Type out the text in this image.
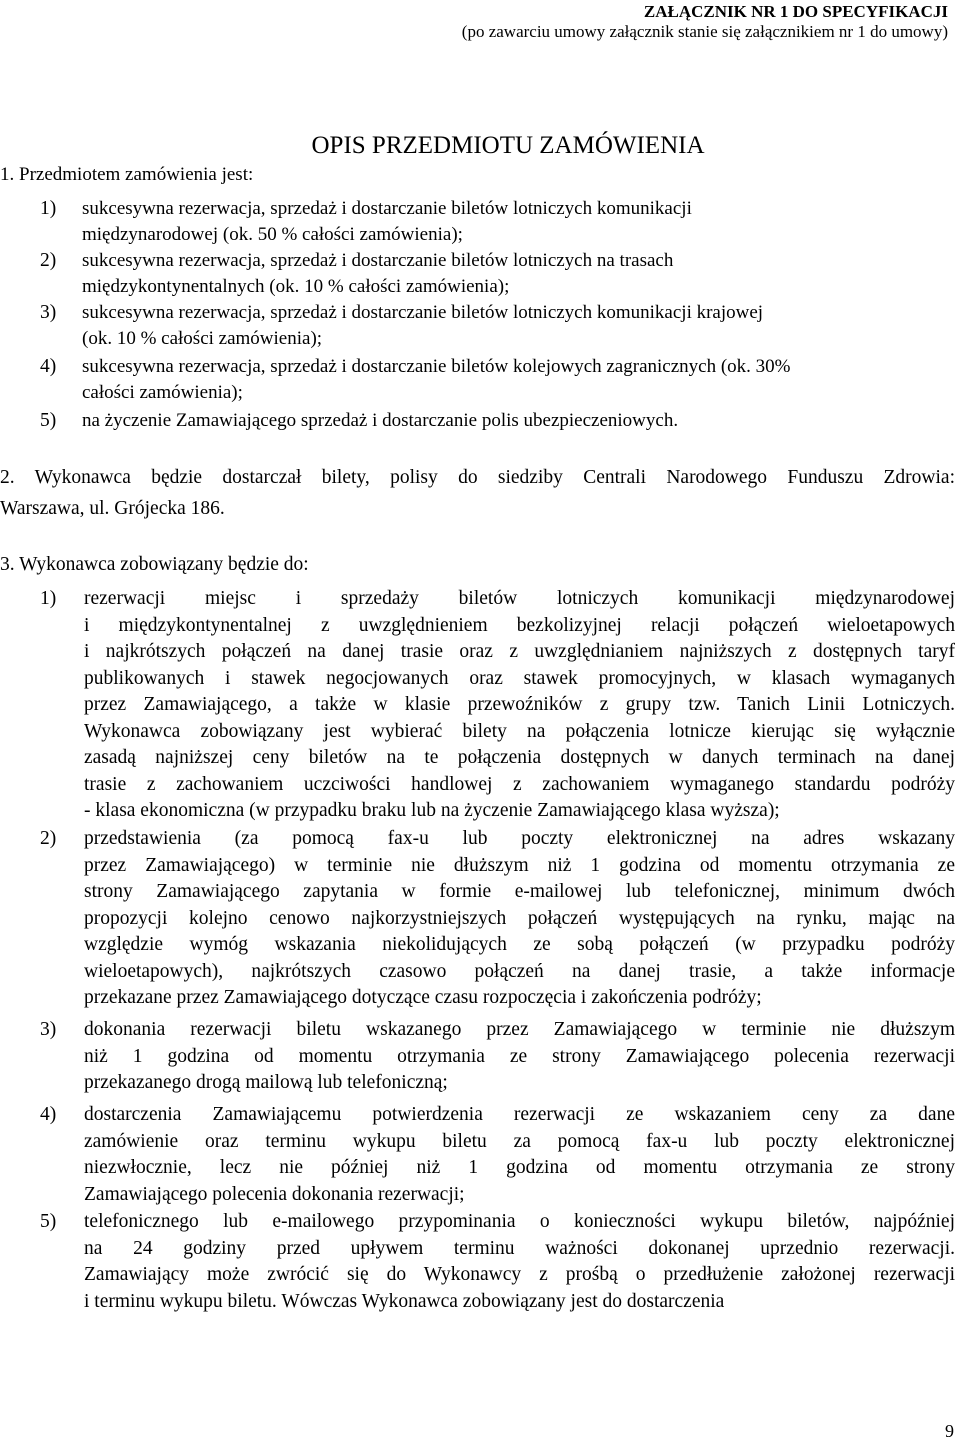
ZAŁĄCZNIK NR 1 DO SPECYFIKACJI
(po zawarciu umowy załącznik stanie się załącznikiem nr 1 do umowy)
OPIS PRZEDMIOTU ZAMÓWIENIA
1. Przedmiotem zamówienia jest:
1) sukcesywna rezerwacja, sprzedaż i dostarczanie biletów lotniczych komunikacji
międzynarodowej (ok. 50 % całości zamówienia);
2) sukcesywna rezerwacja, sprzedaż i dostarczanie biletów lotniczych na trasach
międzykontynentalnych (ok. 10 % całości zamówienia);
3) sukcesywna rezerwacja, sprzedaż i dostarczanie biletów lotniczych komunikacji krajowej
(ok. 10 % całości zamówienia);
4) sukcesywna rezerwacja, sprzedaż i dostarczanie biletów kolejowych zagranicznych (ok. 30%
całości zamówienia);
5) na życzenie Zamawiającego sprzedaż i dostarczanie polis ubezpieczeniowych.
2. Wykonawca będzie dostarczał bilety, polisy do siedziby Centrali Narodowego Funduszu Zdrowia:
Warszawa, ul. Grójecka 186.
3. Wykonawca zobowiązany będzie do:
1) rezerwacji miejsc i sprzedaży biletów lotniczych komunikacji międzynarodowej
i międzykontynentalnej z uwzględnieniem bezkolizyjnej relacji połączeń wieloetapowych
i najkrótszych połączeń na danej trasie oraz z uwzględnianiem najniższych z dostępnych taryf
publikowanych i stawek negocjowanych oraz stawek promocyjnych, w klasach wymaganych
przez Zamawiającego, a także w klasie przewoźników z grupy tzw. Tanich Linii Lotniczych.
Wykonawca zobowiązany jest wybierać bilety na połączenia lotnicze kierując się wyłącznie
zasadą najniższej ceny biletów na te połączenia dostępnych w danych terminach na danej
trasie z zachowaniem uczciwości handlowej z zachowaniem wymaganego standardu podróży
- klasa ekonomiczna (w przypadku braku lub na życzenie Zamawiającego klasa wyższa);
2) przedstawienia (za pomocą fax-u lub poczty elektronicznej na adres wskazany
przez Zamawiającego) w terminie nie dłuższym niż 1 godzina od momentu otrzymania ze
strony Zamawiającego zapytania w formie e-mailowej lub telefonicznej, minimum dwóch
propozycji kolejno cenowo najkorzystniejszych połączeń występujących na rynku, mając na
względzie wymóg wskazania niekolidujących ze sobą połączeń (w przypadku podróży
wieloetapowych), najkrótszych czasowo połączeń na danej trasie, a także informacje
przekazane przez Zamawiającego dotyczące czasu rozpoczęcia i zakończenia podróży;
3) dokonania rezerwacji biletu wskazanego przez Zamawiającego w terminie nie dłuższym
niż 1 godzina od momentu otrzymania ze strony Zamawiającego polecenia rezerwacji
przekazanego drogą mailową lub telefoniczną;
4) dostarczenia Zamawiającemu potwierdzenia rezerwacji ze wskazaniem ceny za dane
zamówienie oraz terminu wykupu biletu za pomocą fax-u lub poczty elektronicznej
niezwłocznie, lecz nie później niż 1 godzina od momentu otrzymania ze strony
Zamawiającego polecenia dokonania rezerwacji;
5) telefonicznego lub e-mailowego przypominania o konieczności wykupu biletów, najpóźniej
na 24 godziny przed upływem terminu ważności dokonanej uprzednio rezerwacji.
Zamawiający może zwrócić się do Wykonawcy z prośbą o przedłużenie założonej rezerwacji
i terminu wykupu biletu. Wówczas Wykonawca zobowiązany jest do dostarczenia
9
